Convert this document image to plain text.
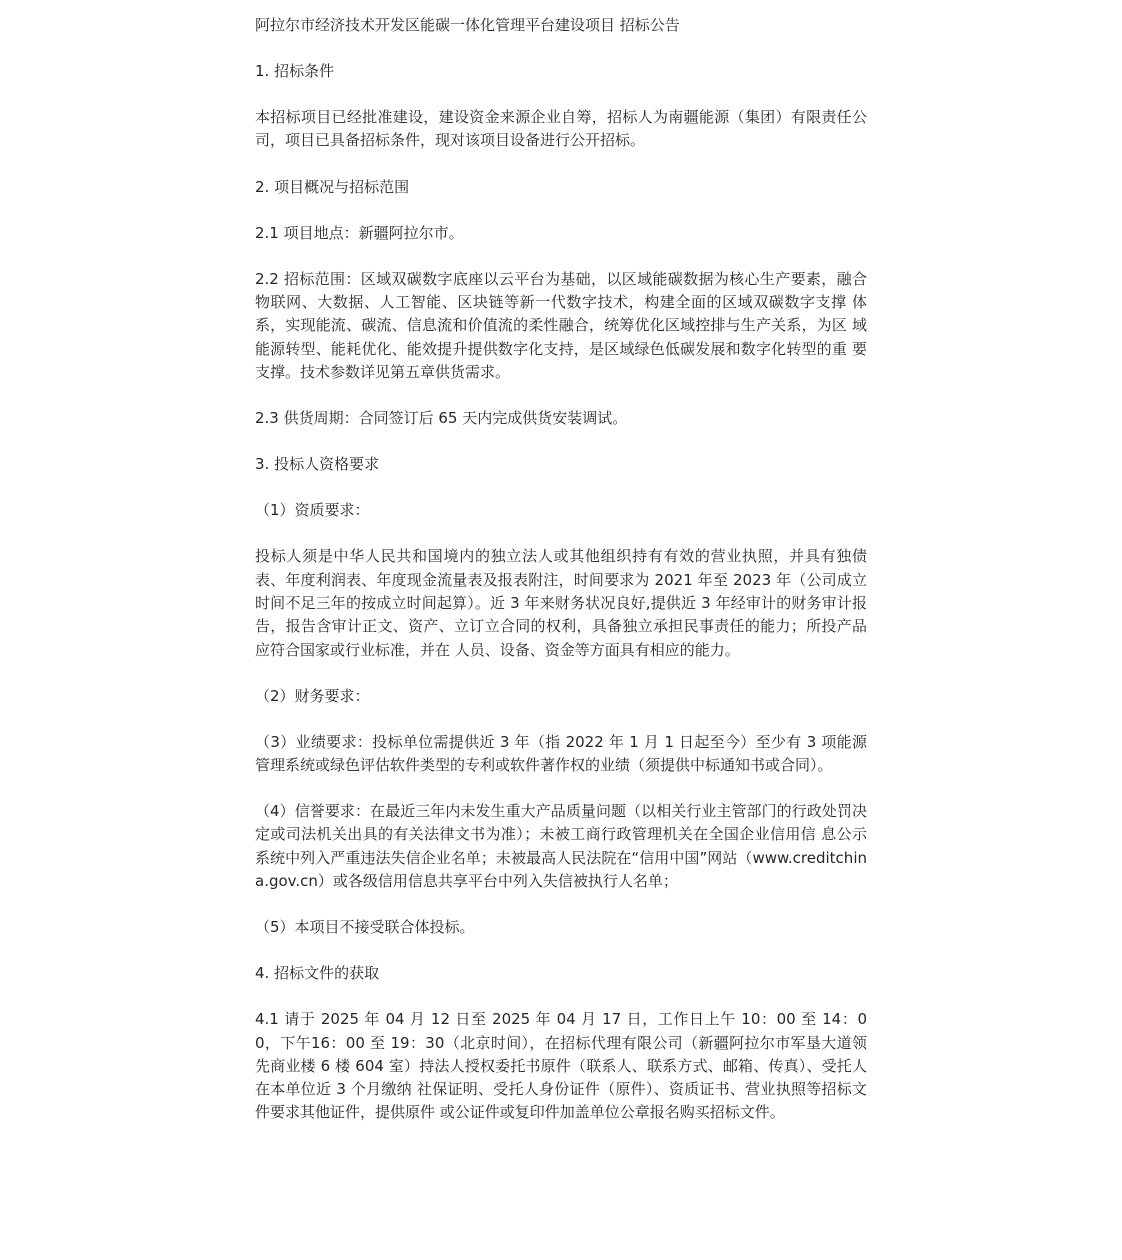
阿拉尔市经济技术开发区能碳一体化管理平台建设项目 招标公告

1. 招标条件

本招标项目已经批准建设，建设资金来源企业自筹，招标人为南疆能源（集团）有限责任公司，项目已具备招标条件，现对该项目设备进行公开招标。

2. 项目概况与招标范围

2.1 项目地点：新疆阿拉尔市。

2.2 招标范围：区域双碳数字底座以云平台为基础，以区域能碳数据为核心生产要素，融合物联网、大数据、人工智能、区块链等新一代数字技术，构建全面的区域双碳数字支撑 体系，实现能流、碳流、信息流和价值流的柔性融合，统筹优化区域控排与生产关系，为区 域能源转型、能耗优化、能效提升提供数字化支持，是区域绿色低碳发展和数字化转型的重 要支撑。技术参数详见第五章供货需求。

2.3 供货周期：合同签订后 65 天内完成供货安装调试。

3. 投标人资格要求

（1）资质要求：

投标人须是中华人民共和国境内的独立法人或其他组织持有有效的营业执照，并具有独债表、年度利润表、年度现金流量表及报表附注，时间要求为 2021 年至 2023 年（公司成立 时间不足三年的按成立时间起算）。近 3 年来财务状况良好,提供近 3 年经审计的财务审计报告，报告含审计正文、资产、立订立合同的权利，具备独立承担民事责任的能力；所投产品应符合国家或行业标准，并在 人员、设备、资金等方面具有相应的能力。

（2）财务要求：

（3）业绩要求：投标单位需提供近 3 年（指 2022 年 1 月 1 日起至今）至少有 3 项能源 管理系统或绿色评估软件类型的专利或软件著作权的业绩（须提供中标通知书或合同）。

（4）信誉要求：在最近三年内未发生重大产品质量问题（以相关行业主管部门的行政处罚决定或司法机关出具的有关法律文书为准）；未被工商行政管理机关在全国企业信用信 息公示系统中列入严重违法失信企业名单；未被最高人民法院在“信用中国”网站（www.creditchina.gov.cn）或各级信用信息共享平台中列入失信被执行人名单；

（5）本项目不接受联合体投标。

4. 招标文件的获取

4.1 请于 2025 年 04 月 12 日至 2025 年 04 月 17 日，工作日上午 10：00 至 14：00，下午16：00 至 19：30（北京时间），在招标代理有限公司（新疆阿拉尔市军垦大道领先商业楼 6 楼 604 室）持法人授权委托书原件（联系人、联系方式、邮箱、传真）、受托人在本单位近 3 个月缴纳 社保证明、受托人身份证件（原件）、资质证书、营业执照等招标文件要求其他证件，提供原件 或公证件或复印件加盖单位公章报名购买招标文件。
